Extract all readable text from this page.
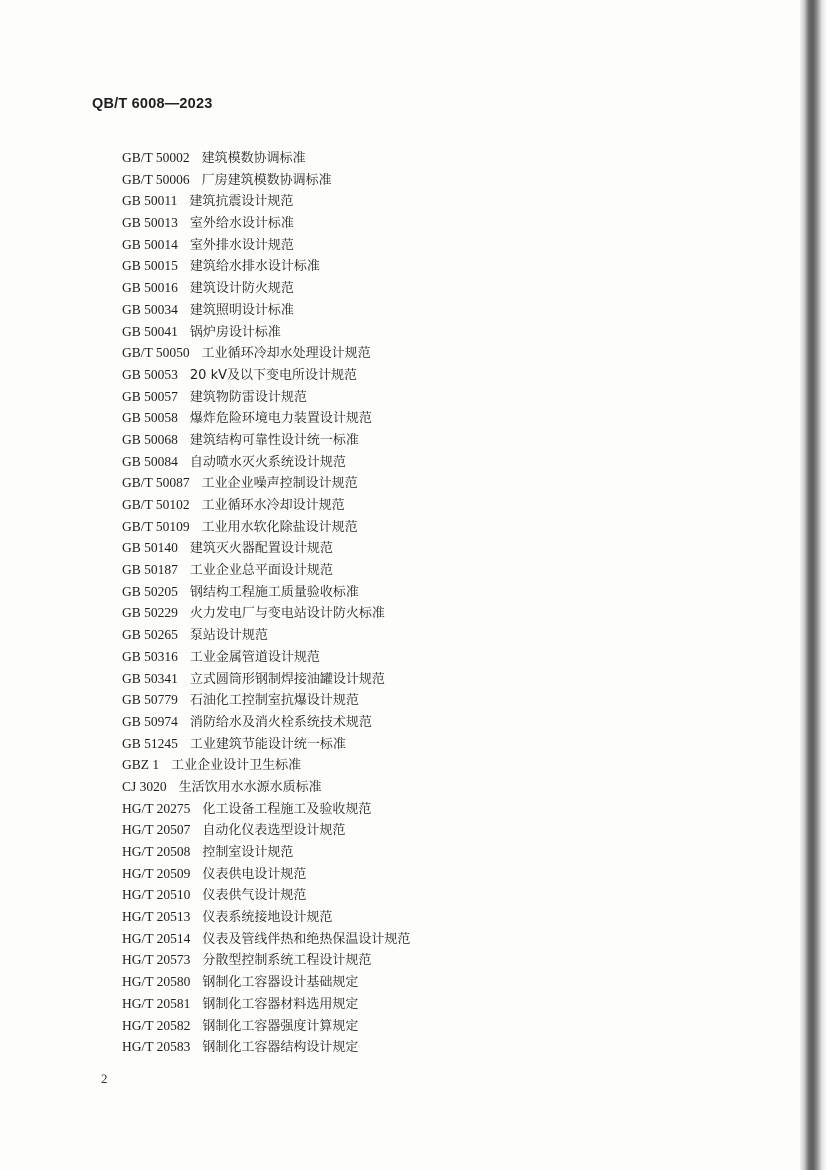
QB/T 6008—2023
GB/T 50002 建筑模数协调标准
GB/T 50006 厂房建筑模数协调标准
GB 50011 建筑抗震设计规范
GB 50013 室外给水设计标准
GB 50014 室外排水设计规范
GB 50015 建筑给水排水设计标准
GB 50016 建筑设计防火规范
GB 50034 建筑照明设计标准
GB 50041 锅炉房设计标准
GB/T 50050 工业循环冷却水处理设计规范
GB 50053 20 kV及以下变电所设计规范
GB 50057 建筑物防雷设计规范
GB 50058 爆炸危险环境电力装置设计规范
GB 50068 建筑结构可靠性设计统一标准
GB 50084 自动喷水灭火系统设计规范
GB/T 50087 工业企业噪声控制设计规范
GB/T 50102 工业循环水冷却设计规范
GB/T 50109 工业用水软化除盐设计规范
GB 50140 建筑灭火器配置设计规范
GB 50187 工业企业总平面设计规范
GB 50205 钢结构工程施工质量验收标准
GB 50229 火力发电厂与变电站设计防火标准
GB 50265 泵站设计规范
GB 50316 工业金属管道设计规范
GB 50341 立式圆筒形钢制焊接油罐设计规范
GB 50779 石油化工控制室抗爆设计规范
GB 50974 消防给水及消火栓系统技术规范
GB 51245 工业建筑节能设计统一标准
GBZ 1 工业企业设计卫生标准
CJ 3020 生活饮用水水源水质标准
HG/T 20275 化工设备工程施工及验收规范
HG/T 20507 自动化仪表选型设计规范
HG/T 20508 控制室设计规范
HG/T 20509 仪表供电设计规范
HG/T 20510 仪表供气设计规范
HG/T 20513 仪表系统接地设计规范
HG/T 20514 仪表及管线伴热和绝热保温设计规范
HG/T 20573 分散型控制系统工程设计规范
HG/T 20580 钢制化工容器设计基础规定
HG/T 20581 钢制化工容器材料选用规定
HG/T 20582 钢制化工容器强度计算规定
HG/T 20583 钢制化工容器结构设计规定
2
